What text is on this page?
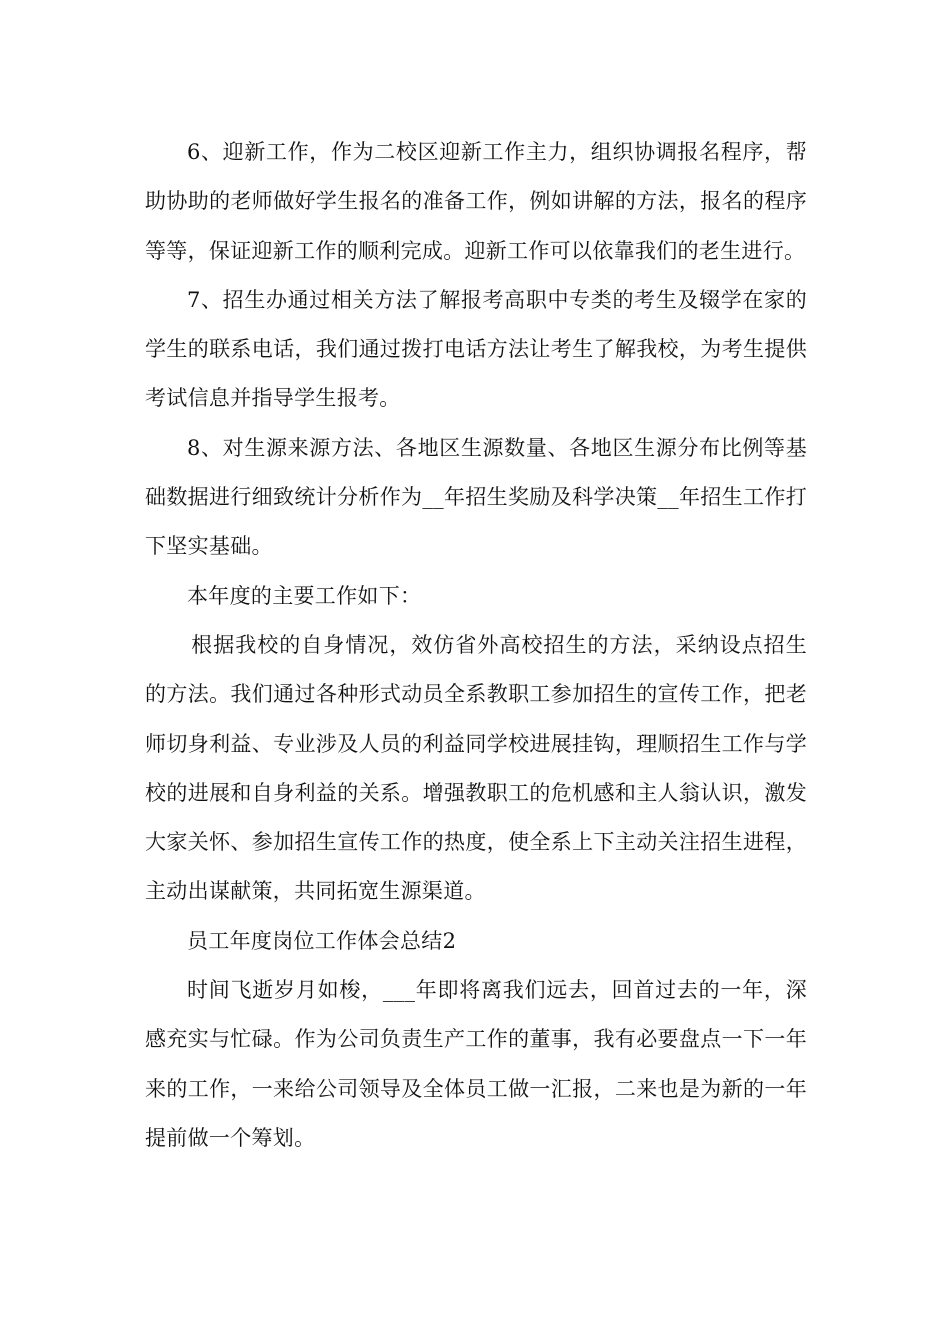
6、迎新工作，作为二校区迎新工作主力，组织协调报名程序，帮助协助的老师做好学生报名的准备工作，例如讲解的方法，报名的程序等等，保证迎新工作的顺利完成。迎新工作可以依靠我们的老生进行。

7、招生办通过相关方法了解报考高职中专类的考生及辍学在家的学生的联系电话，我们通过拨打电话方法让考生了解我校，为考生提供考试信息并指导学生报考。

8、对生源来源方法、各地区生源数量、各地区生源分布比例等基础数据进行细致统计分析作为__年招生奖励及科学决策__年招生工作打下坚实基础。

本年度的主要工作如下：

根据我校的自身情况，效仿省外高校招生的方法，采纳设点招生的方法。我们通过各种形式动员全系教职工参加招生的宣传工作，把老师切身利益、专业涉及人员的利益同学校进展挂钩，理顺招生工作与学校的进展和自身利益的关系。增强教职工的危机感和主人翁认识，激发大家关怀、参加招生宣传工作的热度，使全系上下主动关注招生进程，主动出谋献策，共同拓宽生源渠道。

员工年度岗位工作体会总结2

时间飞逝岁月如梭，___年即将离我们远去，回首过去的一年，深感充实与忙碌。作为公司负责生产工作的董事，我有必要盘点一下一年来的工作，一来给公司领导及全体员工做一汇报，二来也是为新的一年提前做一个筹划。
